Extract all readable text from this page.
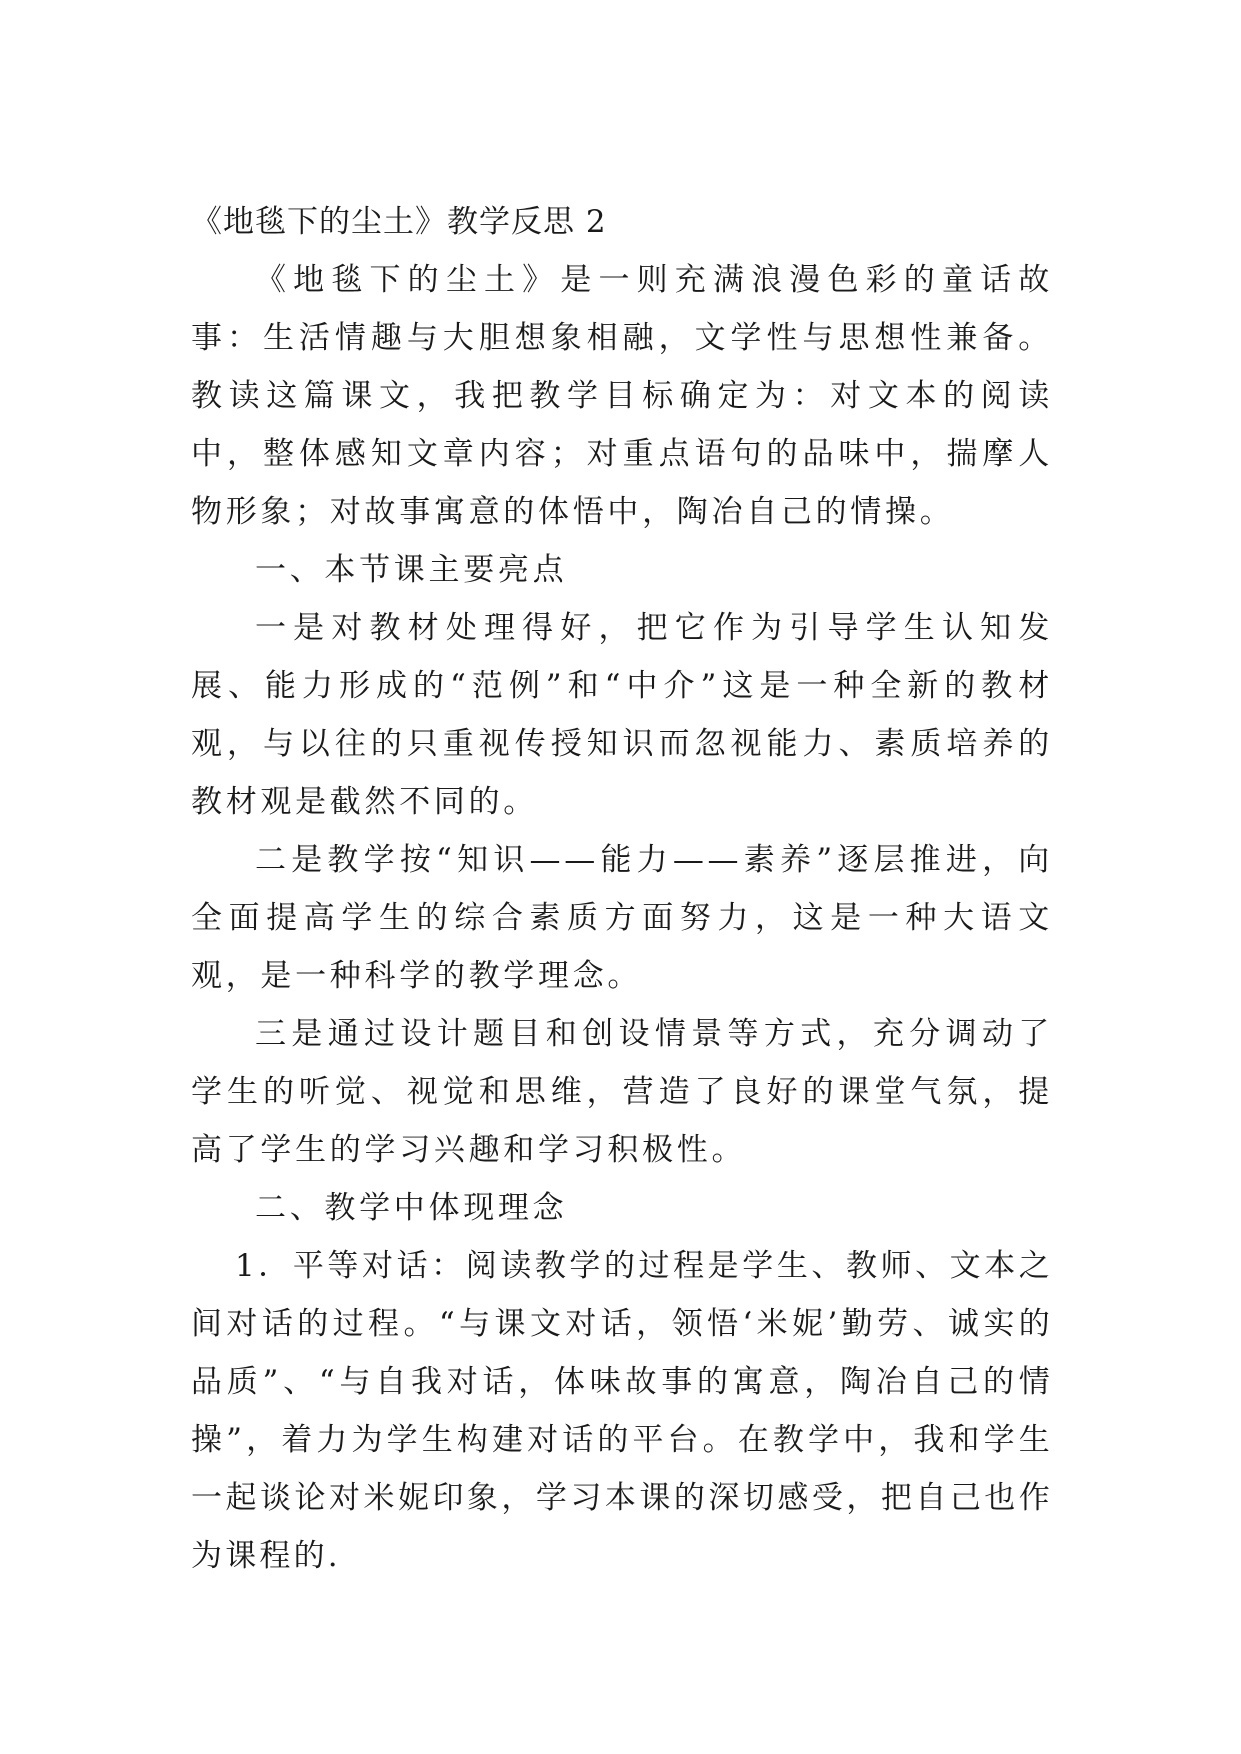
《地毯下的尘土》教学反思 2

《地毯下的尘土》是一则充满浪漫色彩的童话故事：生活情趣与大胆想象相融，文学性与思想性兼备。教读这篇课文，我把教学目标确定为：对文本的阅读中，整体感知文章内容；对重点语句的品味中，揣摩人物形象；对故事寓意的体悟中，陶冶自己的情操。

一、本节课主要亮点

一是对教材处理得好，把它作为引导学生认知发展、能力形成的“范例”和“中介”这是一种全新的教材观，与以往的只重视传授知识而忽视能力、素质培养的教材观是截然不同的。

二是教学按“知识——能力——素养”逐层推进，向全面提高学生的综合素质方面努力，这是一种大语文观，是一种科学的教学理念。

三是通过设计题目和创设情景等方式，充分调动了学生的听觉、视觉和思维，营造了良好的课堂气氛，提高了学生的学习兴趣和学习积极性。

二、教学中体现理念

1．平等对话：阅读教学的过程是学生、教师、文本之间对话的过程。“与课文对话，领悟‘米妮’勤劳、诚实的品质”、“与自我对话，体味故事的寓意，陶冶自己的情操”，着力为学生构建对话的平台。在教学中，我和学生一起谈论对米妮印象，学习本课的深切感受，把自己也作为课程的.
